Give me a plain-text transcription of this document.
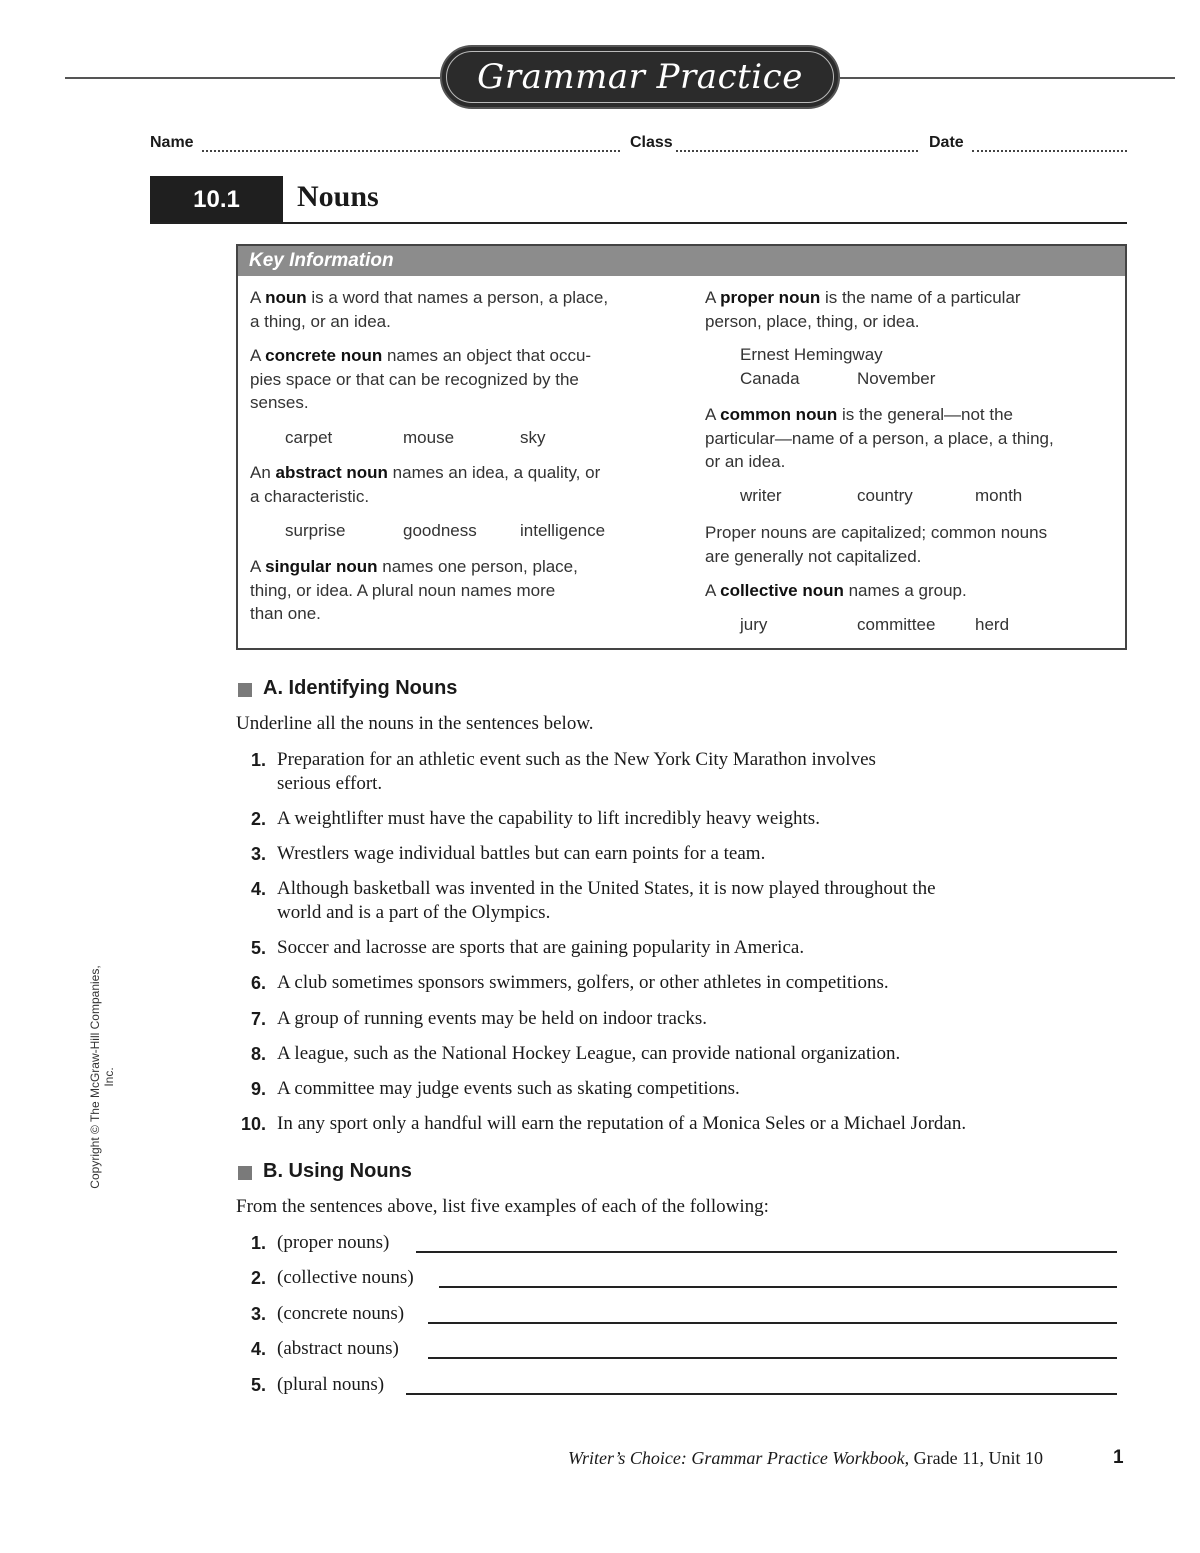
Grammar Practice
Name	Class	Date
10.1	Nouns
Key Information
A noun is a word that names a person, a place,
a thing, or an idea.
A concrete noun names an object that occu-
pies space or that can be recognized by the
senses.
carpet	mouse	sky
An abstract noun names an idea, a quality, or
a characteristic.
surprise	goodness	intelligence
A singular noun names one person, place,
thing, or idea. A plural noun names more
than one.
A proper noun is the name of a particular
person, place, thing, or idea.
Ernest Hemingway
Canada	November
A common noun is the general—not the
particular—name of a person, a place, a thing,
or an idea.
writer	country	month
Proper nouns are capitalized; common nouns
are generally not capitalized.
A collective noun names a group.
jury	committee herd
A. Identifying Nouns
Underline all the nouns in the sentences below.
1. Preparation for an athletic event such as the New York City Marathon involves
serious effort.
2. A weightlifter must have the capability to lift incredibly heavy weights.
3. Wrestlers wage individual battles but can earn points for a team.
4. Although basketball was invented in the United States, it is now played throughout the
world and is a part of the Olympics.
5. Soccer and lacrosse are sports that are gaining popularity in America.
6. A club sometimes sponsors swimmers, golfers, or other athletes in competitions.
7. A group of running events may be held on indoor tracks.
8. A league, such as the National Hockey League, can provide national organization.
9. A committee may judge events such as skating competitions.
10. In any sport only a handful will earn the reputation of a Monica Seles or a Michael Jordan.
B. Using Nouns
From the sentences above, list five examples of each of the following:
1. (proper nouns)
2. (collective nouns)
3. (concrete nouns)
4. (abstract nouns)
5. (plural nouns)
Writer’s Choice: Grammar Practice Workbook, Grade 11, Unit 10	1
Copyright © The McGraw-Hill Companies, Inc.
